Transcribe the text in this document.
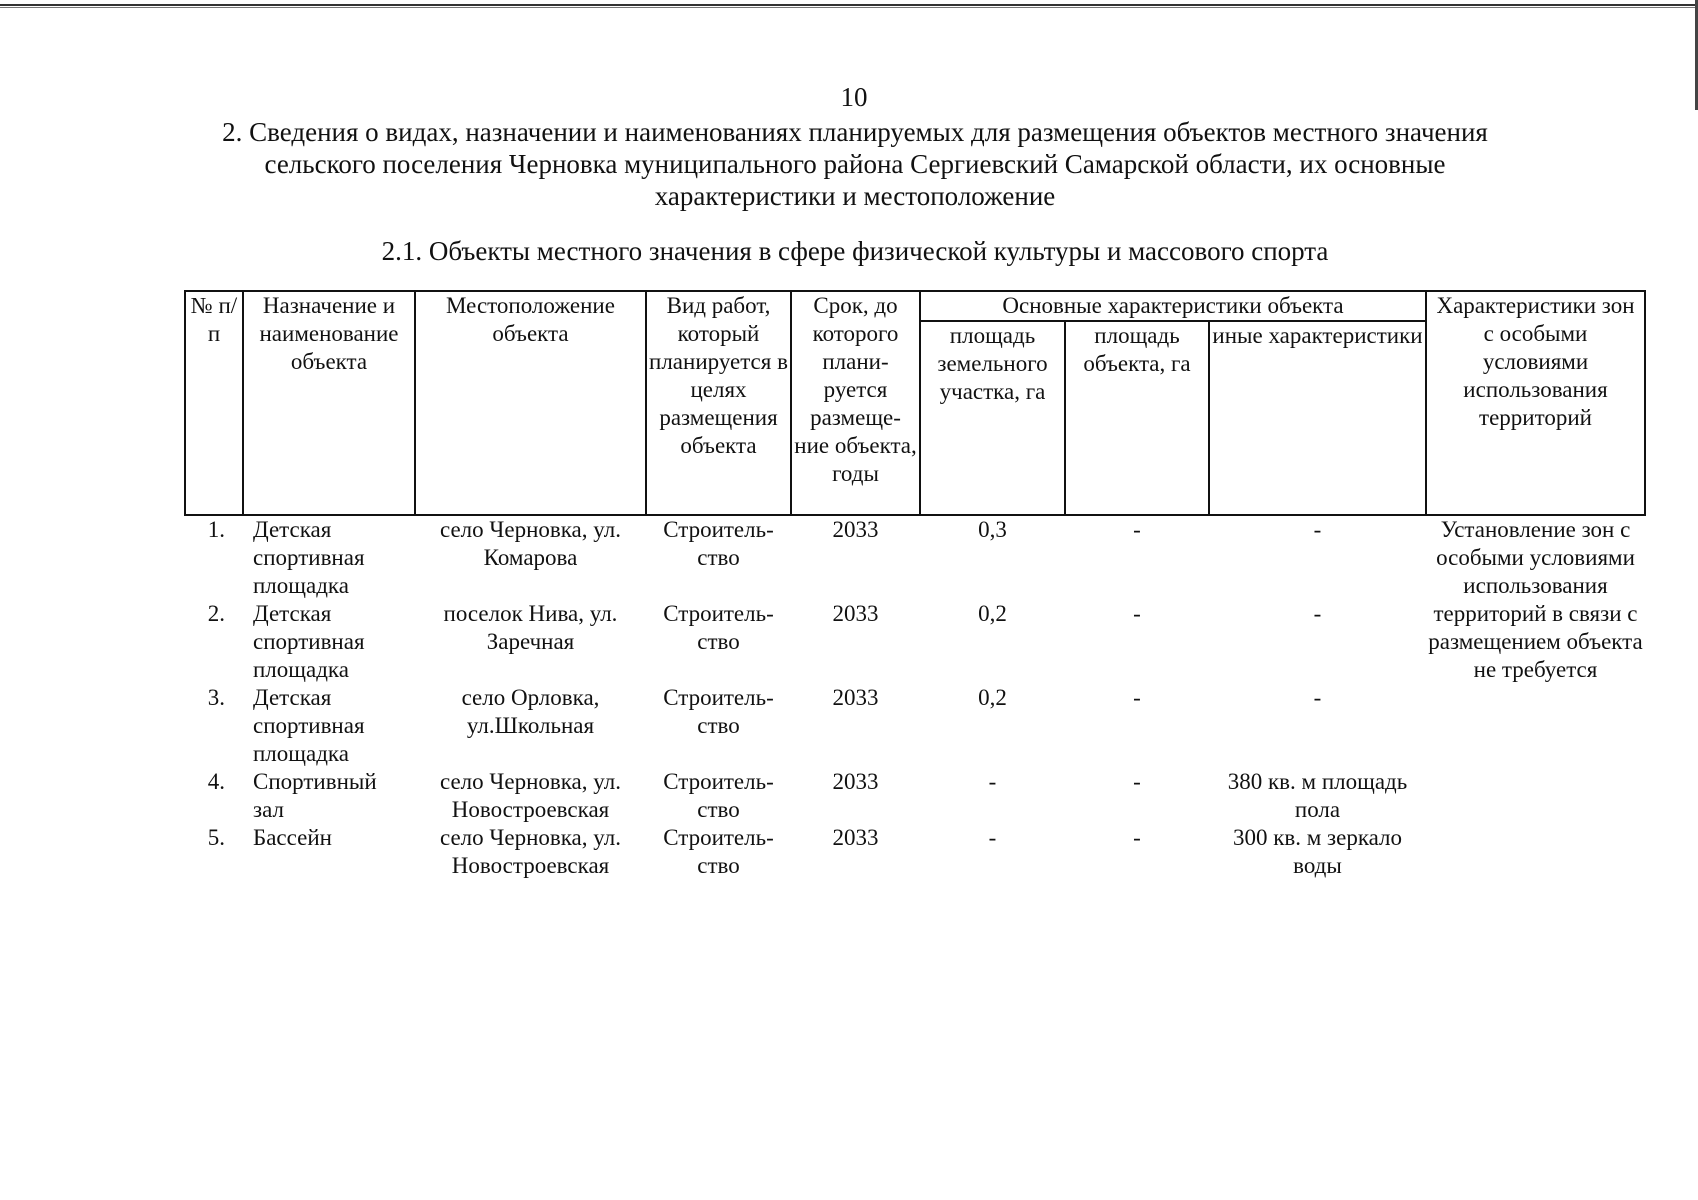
10
2. Сведения о видах, назначении и наименованиях планируемых для размещения объектов местного значения
сельского поселения Черновка муниципального района Сергиевский Самарской области, их основные
характеристики и местоположение
2.1. Объекты местного значения в сфере физической культуры и массового спорта
№ п/п	Назначение и наименование объекта	Местоположение объекта	Вид работ, который планируется в целях размещения объекта	Срок, до которого плани-руется размеще-ние объекта, годы	Основные характеристики объекта			Характеристики зон с особыми условиями использования территорий
					площадь земельного участка, га	площадь объекта, га	иные характеристики	
1.	Детская спортивная площадка	село Черновка, ул. Комарова	Строитель-ство	2033	0,3	-	-	Установление зон с особыми условиями использования территорий в связи с размещением объекта не требуется
2.	Детская спортивная площадка	поселок Нива, ул. Заречная	Строитель-ство	2033	0,2	-	-	
3.	Детская спортивная площадка	село Орловка, ул.Школьная	Строитель-ство	2033	0,2	-	-	
4.	Спортивный зал	село Черновка, ул. Новостроевская	Строитель-ство	2033	-	-	380 кв. м площадь пола	
5.	Бассейн	село Черновка, ул. Новостроевская	Строитель-ство	2033	-	-	300 кв. м зеркало воды	
